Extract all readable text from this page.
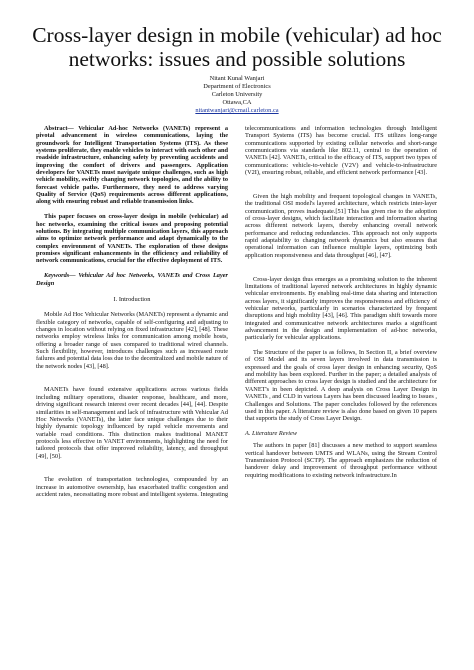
Cross-layer design in mobile (vehicular) ad hoc networks: issues and possible solutions
Nitant Kunal Wanjari
Department of Electronics
Carleton University
Ottawa,CA
nitantwanjari@cmail.carleton.ca

Abstract— Vehicular Ad-hoc Networks (VANETs) represent a pivotal advancement in wireless communications, laying the groundwork for Intelligent Transportation Systems (ITS). As these systems proliferate, they enable vehicles to interact with each other and roadside infrastructure, enhancing safety by preventing accidents and improving the comfort of drivers and passengers. Application developers for VANETs must navigate unique challenges, such as high vehicle mobility, swiftly changing network topologies, and the ability to forecast vehicle paths. Furthermore, they need to address varying Quality of Service (QoS) requirements across different applications, along with ensuring robust and reliable transmission links.

This paper focuses on cross-layer design in mobile (vehicular) ad hoc networks, examining the critical issues and proposing potential solutions. By integrating multiple communication layers, this approach aims to optimize network performance and adapt dynamically to the complex environment of VANETs. The exploration of these designs promises significant enhancements in the efficiency and reliability of network communications, crucial for the effective deployment of ITS.

Keywords— Vehicular Ad hoc Networks, VANETs and Cross Layer Design

I. Introduction

Mobile Ad Hoc Vehicular Networks (MANETs) represent a dynamic and flexible category of networks, capable of self-configuring and adjusting to changes in location without relying on fixed infrastructure [42], [48]. These networks employ wireless links for communication among mobile hosts, offering a broader range of uses compared to traditional wired channels. Such flexibility, however, introduces challenges such as increased route failures and potential data loss due to the decentralized and mobile nature of the network nodes [43], [48].

MANETs have found extensive applications across various fields including military operations, disaster response, healthcare, and more, driving significant research interest over recent decades [44], [44]. Despite similarities in self-management and lack of infrastructure with Vehicular Ad Hoc Networks (VANETs), the latter face unique challenges due to their highly dynamic topology influenced by rapid vehicle movements and variable road conditions. This distinction makes traditional MANET protocols less effective in VANET environments, highlighting the need for tailored protocols that offer improved reliability, latency, and throughput [49], [50].

The evolution of transportation technologies, compounded by an increase in automotive ownership, has exacerbated traffic congestion and accident rates, necessitating more robust and intelligent systems. Integrating

telecommunications and information technologies through Intelligent Transport Systems (ITS) has become crucial. ITS utilizes long-range communications supported by existing cellular networks and short-range communications via standards like 802.11, central to the operation of VANETs [42]. VANETs, critical to the efficacy of ITS, support two types of communications: vehicle-to-vehicle (V2V) and vehicle-to-infrastructure (V2I), ensuring robust, reliable, and efficient network performance [43].

Given the high mobility and frequent topological changes in VANETs, the traditional OSI model's layered architecture, which restricts inter-layer communication, proves inadequate.[51] This has given rise to the adoption of cross-layer designs, which facilitate interaction and information sharing across different network layers, thereby enhancing overall network performance and reducing redundancies. This approach not only supports rapid adaptability to changing network dynamics but also ensures that operational information can influence multiple layers, optimizing both application responsiveness and data throughput [46], [47].

Cross-layer design thus emerges as a promising solution to the inherent limitations of traditional layered network architectures in highly dynamic vehicular environments. By enabling real-time data sharing and interaction across layers, it significantly improves the responsiveness and efficiency of vehicular networks, particularly in scenarios characterized by frequent disruptions and high mobility [43], [46]. This paradigm shift towards more integrated and communicative network architectures marks a significant advancement in the design and implementation of ad-hoc networks, particularly for vehicular applications.

The Structure of the paper is as follows, In Section II, a brief overview of OSI Model and its seven layers involved in data transmission is expressed and the goals of cross layer design in enhancing security, QoS and mobility has been explored. Further in the paper; a detailed analysis of different approaches to cross layer design is studied and the architecture for VANET's in been depicted. A deep analysis on Cross Layer Design in VANETs , and CLD in various Layers has been discussed leading to Issues , Challenges and Solutions. The paper concludes followed by the references used in this paper. A literature review is also done based on given 10 papers that supports the study of Cross Layer Design.

A. Literature Review

The authors in paper [81] discusses a new method to support seamless vertical handover between UMTS and WLANs, using the Stream Control Transmission Protocol (SCTP). The approach emphasizes the reduction of handover delay and improvement of throughput performance without requiring modifications to existing network infrastructure.In
